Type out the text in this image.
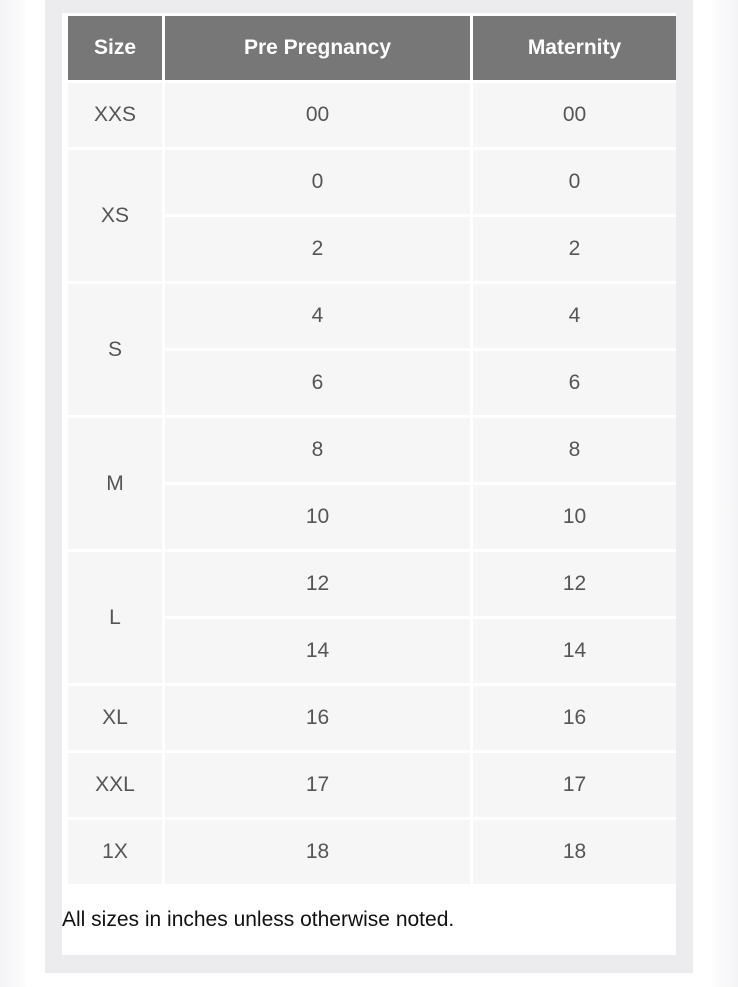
Size	Pre Pregnancy	Maternity
XXS	00	00
XS	0	0
	2	2
S	4	4
	6	6
M	8	8
	10	10
L	12	12
	14	14
XL	16	16
XXL	17	17
1X	18	18
All sizes in inches unless otherwise noted.
